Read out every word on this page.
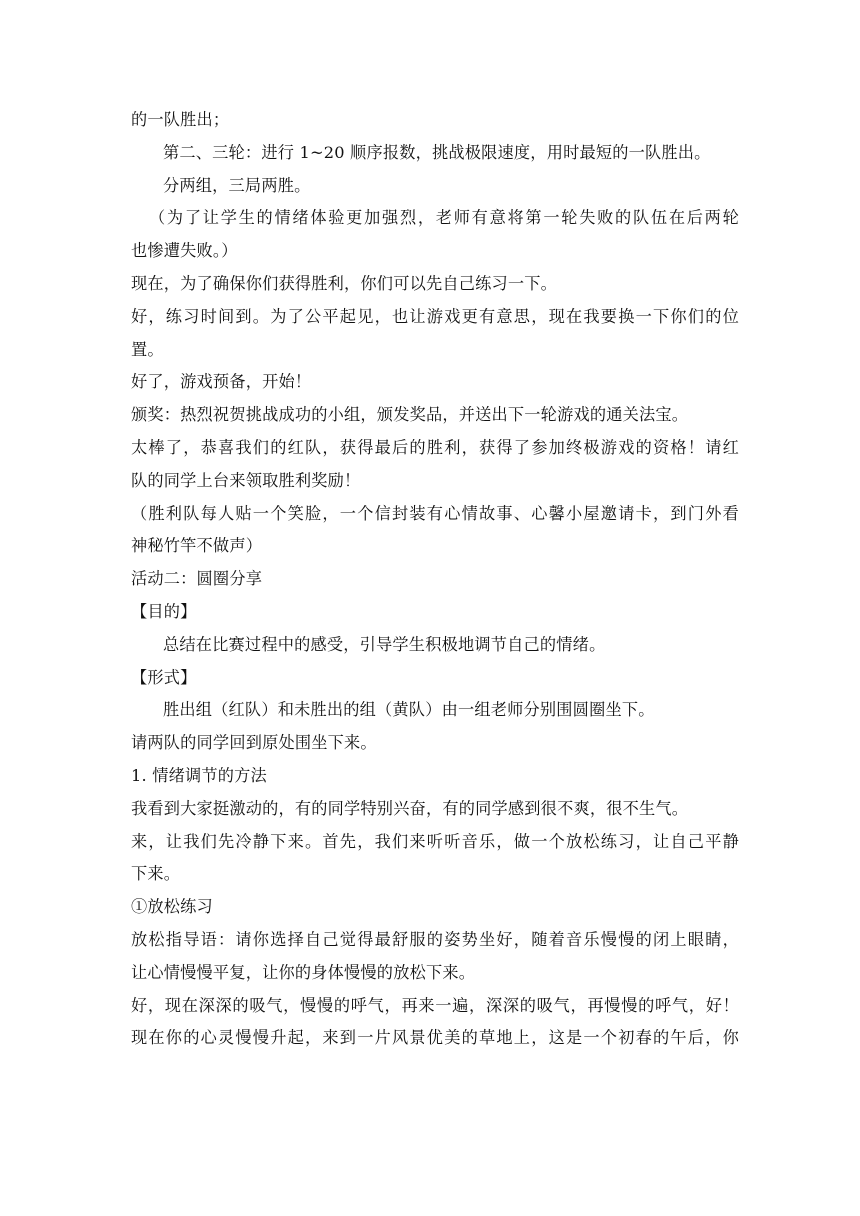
的一队胜出；
第二、三轮：进行 1~20 顺序报数，挑战极限速度，用时最短的一队胜出。
分两组，三局两胜。
（为了让学生的情绪体验更加强烈，老师有意将第一轮失败的队伍在后两轮
也惨遭失败。）
现在，为了确保你们获得胜利，你们可以先自己练习一下。
好，练习时间到。为了公平起见，也让游戏更有意思，现在我要换一下你们的位
置。
好了，游戏预备，开始！
颁奖：热烈祝贺挑战成功的小组，颁发奖品，并送出下一轮游戏的通关法宝。
太棒了，恭喜我们的红队，获得最后的胜利，获得了参加终极游戏的资格！请红
队的同学上台来领取胜利奖励！
（胜利队每人贴一个笑脸，一个信封装有心情故事、心馨小屋邀请卡，到门外看
神秘竹竿不做声）
活动二：圆圈分享
【目的】
总结在比赛过程中的感受，引导学生积极地调节自己的情绪。
【形式】
胜出组（红队）和未胜出的组（黄队）由一组老师分别围圆圈坐下。
请两队的同学回到原处围坐下来。
1. 情绪调节的方法
我看到大家挺激动的，有的同学特别兴奋，有的同学感到很不爽，很不生气。
来，让我们先冷静下来。首先，我们来听听音乐，做一个放松练习，让自己平静
下来。
①放松练习
放松指导语：请你选择自己觉得最舒服的姿势坐好，随着音乐慢慢的闭上眼睛，
让心情慢慢平复，让你的身体慢慢的放松下来。
好，现在深深的吸气，慢慢的呼气，再来一遍，深深的吸气，再慢慢的呼气，好！
现在你的心灵慢慢升起，来到一片风景优美的草地上，这是一个初春的午后，你
